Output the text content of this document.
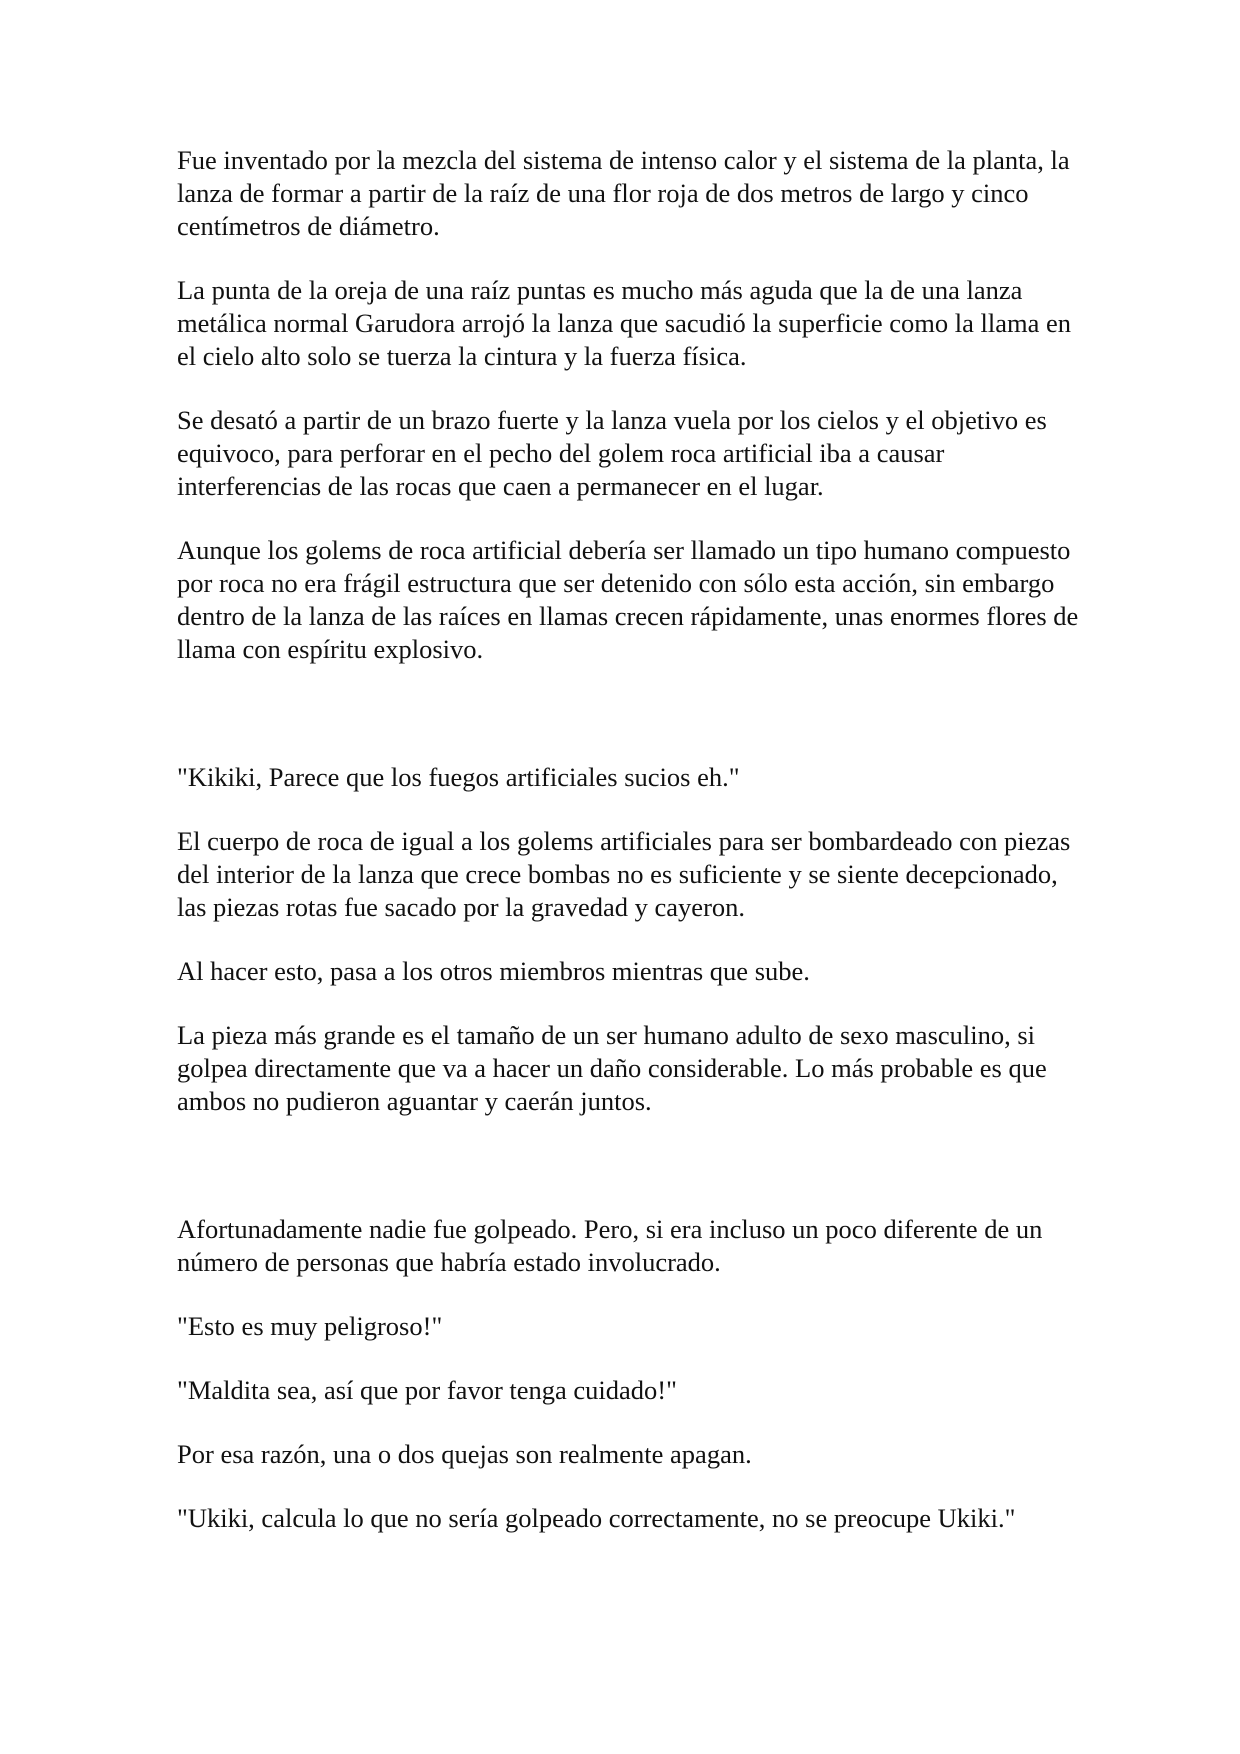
Fue inventado por la mezcla del sistema de intenso calor y el sistema de la planta, la lanza de formar a partir de la raíz de una flor roja de dos metros de largo y cinco centímetros de diámetro.

La punta de la oreja de una raíz puntas es mucho más aguda que la de una lanza metálica normal Garudora arrojó la lanza que sacudió la superficie como la llama en el cielo alto solo se tuerza la cintura y la fuerza física.

Se desató a partir de un brazo fuerte y la lanza vuela por los cielos y el objetivo es equivoco, para perforar en el pecho del golem roca artificial iba a causar interferencias de las rocas que caen a permanecer en el lugar.

Aunque los golems de roca artificial debería ser llamado un tipo humano compuesto por roca no era frágil estructura que ser detenido con sólo esta acción, sin embargo dentro de la lanza de las raíces en llamas crecen rápidamente, unas enormes flores de llama con espíritu explosivo.

"Kikiki, Parece que los fuegos artificiales sucios eh."

El cuerpo de roca de igual a los golems artificiales para ser bombardeado con piezas del interior de la lanza que crece bombas no es suficiente y se siente decepcionado, las piezas rotas fue sacado por la gravedad y cayeron.

Al hacer esto, pasa a los otros miembros mientras que sube.

La pieza más grande es el tamaño de un ser humano adulto de sexo masculino, si golpea directamente que va a hacer un daño considerable. Lo más probable es que ambos no pudieron aguantar y caerán juntos.

Afortunadamente nadie fue golpeado. Pero, si era incluso un poco diferente de un número de personas que habría estado involucrado.

"Esto es muy peligroso!"

"Maldita sea, así que por favor tenga cuidado!"

Por esa razón, una o dos quejas son realmente apagan.

"Ukiki, calcula lo que no sería golpeado correctamente, no se preocupe Ukiki."
